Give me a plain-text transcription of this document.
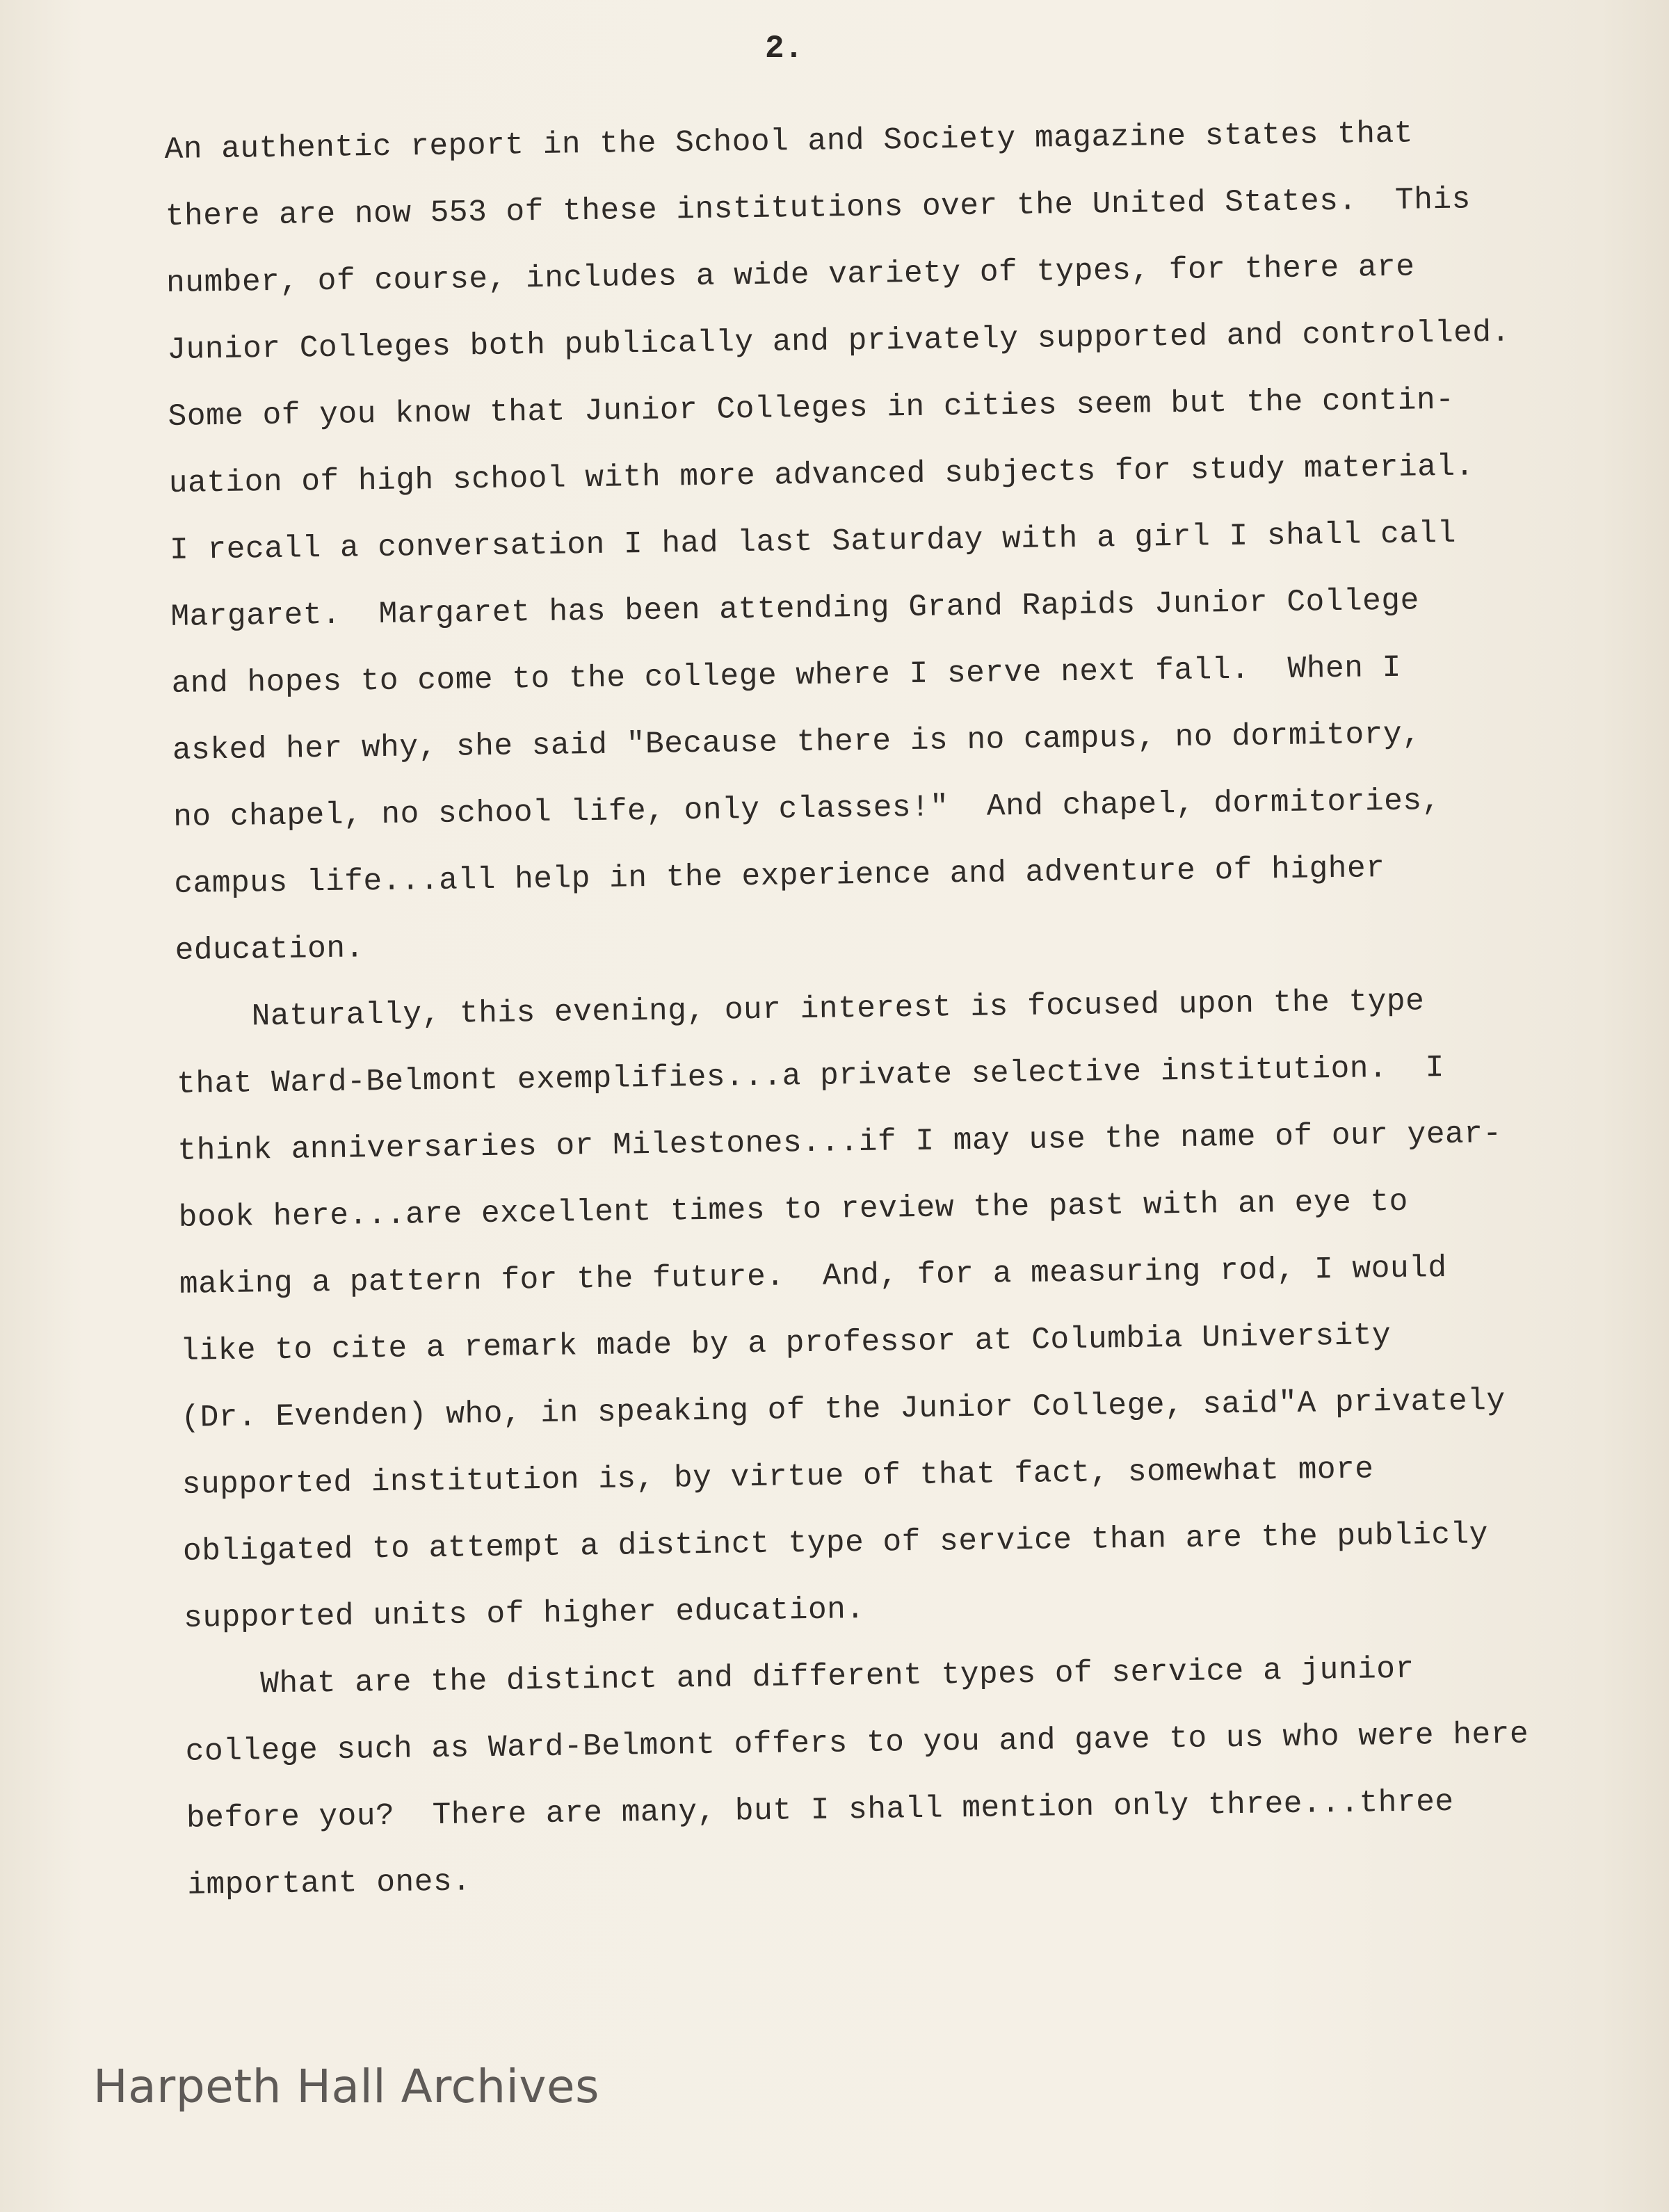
2.
An authentic report in the School and Society magazine states that
there are now 553 of these institutions over the United States.  This
number, of course, includes a wide variety of types, for there are
Junior Colleges both publically and privately supported and controlled.
Some of you know that Junior Colleges in cities seem but the contin-
uation of high school with more advanced subjects for study material.
I recall a conversation I had last Saturday with a girl I shall call
Margaret.  Margaret has been attending Grand Rapids Junior College
and hopes to come to the college where I serve next fall.  When I
asked her why, she said "Because there is no campus, no dormitory,
no chapel, no school life, only classes!"  And chapel, dormitories,
campus life...all help in the experience and adventure of higher
education.
Naturally, this evening, our interest is focused upon the type
that Ward-Belmont exemplifies...a private selective institution.  I
think anniversaries or Milestones...if I may use the name of our year-
book here...are excellent times to review the past with an eye to
making a pattern for the future.  And, for a measuring rod, I would
like to cite a remark made by a professor at Columbia University
(Dr. Evenden) who, in speaking of the Junior College, said"A privately
supported institution is, by virtue of that fact, somewhat more
obligated to attempt a distinct type of service than are the publicly
supported units of higher education.
What are the distinct and different types of service a junior
college such as Ward-Belmont offers to you and gave to us who were here
before you?  There are many, but I shall mention only three...three
important ones.
Harpeth Hall Archives
